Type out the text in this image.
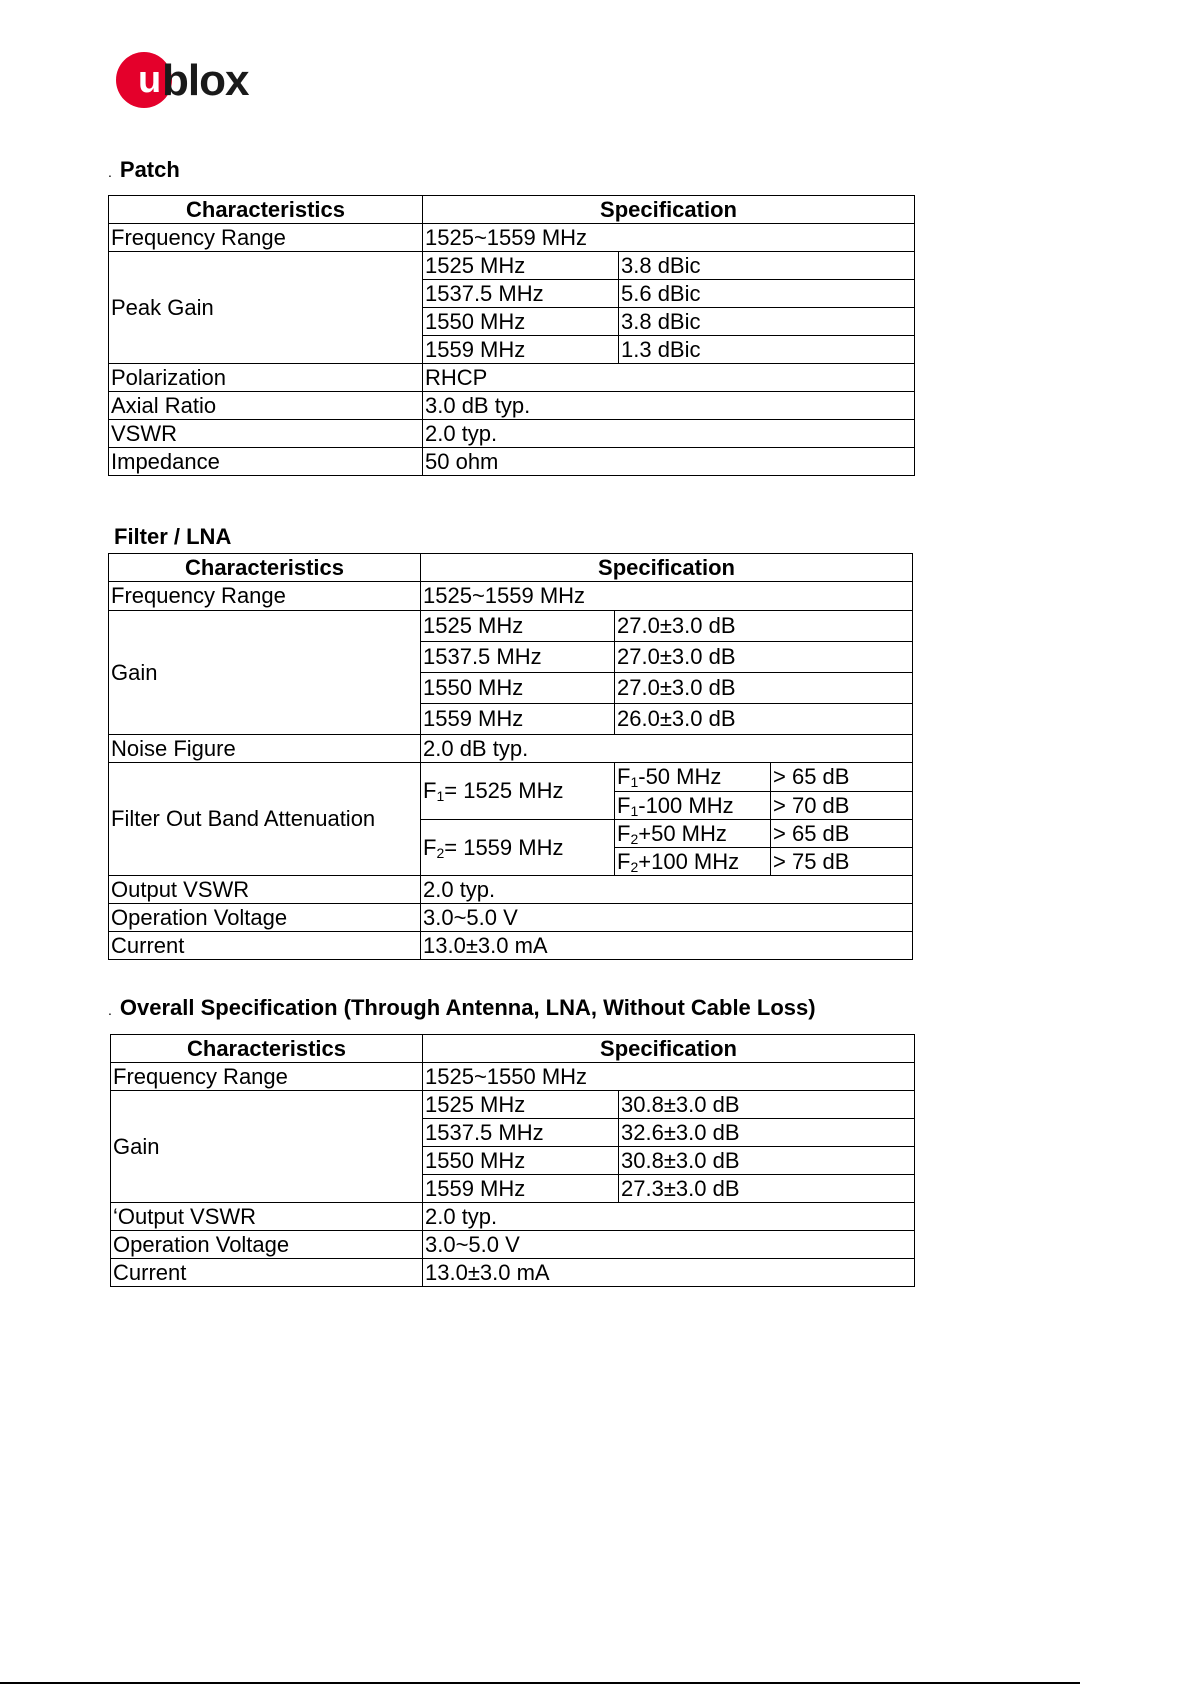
u blox
. Patch
Characteristics	Specification	
Frequency Range	1525~1559 MHz	
Peak Gain	1525 MHz	3.8 dBic
	1537.5 MHz	5.6 dBic
	1550 MHz	3.8 dBic
	1559 MHz	1.3 dBic
Polarization	RHCP	
Axial Ratio	3.0 dB typ.	
VSWR	2.0 typ.	
Impedance	50 ohm	
Filter / LNA
Characteristics	Specification		
Frequency Range	1525~1559 MHz		
Gain	1525 MHz	27.0±3.0 dB	
	1537.5 MHz	27.0±3.0 dB	
	1550 MHz	27.0±3.0 dB	
	1559 MHz	26.0±3.0 dB	
Noise Figure	2.0 dB typ.		
Filter Out Band Attenuation	$F_1= 1525$ MHz	$F_1-50$ MHz	> 65 dB
		$F_1-100$ MHz	> 70 dB
	$F_2= 1559$ MHz	$F_2+50$ MHz	> 65 dB
		$F_2+100$ MHz	> 75 dB
Output VSWR	2.0 typ.		
Operation Voltage	3.0~5.0 V		
Current	13.0±3.0 mA		
. Overall Specification (Through Antenna, LNA, Without Cable Loss)
Characteristics	Specification	
Frequency Range	1525~1550 MHz	
Gain	1525 MHz	30.8±3.0 dB
	1537.5 MHz	32.6±3.0 dB
	1550 MHz	30.8±3.0 dB
	1559 MHz	27.3±3.0 dB
‘Output VSWR	2.0 typ.	
Operation Voltage	3.0~5.0 V	
Current	13.0±3.0 mA	
